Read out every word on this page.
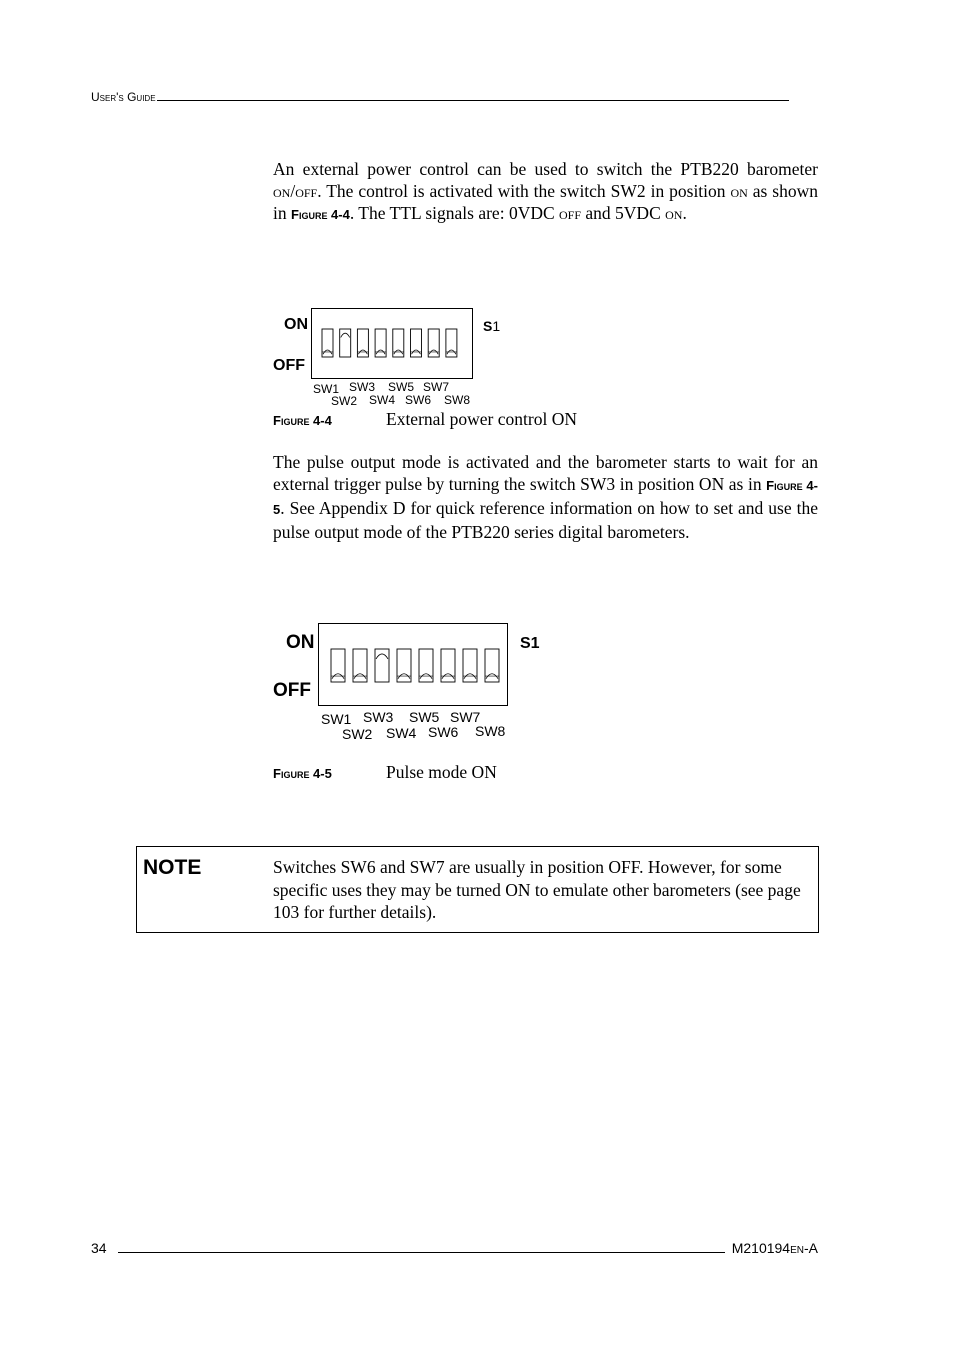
User's Guide

An external power control can be used to switch the PTB220 barometer on/off. The control is activated with the switch SW2 in position on as shown in Figure 4-4. The TTL signals are: 0VDC off and 5VDC on.

ON
OFF
S1
SW1
SW2
SW3
SW4
SW5
SW6
SW7
SW8
Figure 4-4	External power control ON

The pulse output mode is activated and the barometer starts to wait for an external trigger pulse by turning the switch SW3 in position ON as in Figure 4-5. See Appendix D for quick reference information on how to set and use the pulse output mode of the PTB220 series digital barometers.

ON
OFF
S1
SW1
SW2
SW3
SW4
SW5
SW6
SW7
SW8
Figure 4-5	Pulse mode ON
NOTE	Switches SW6 and SW7 are usually in position OFF. However, for some specific uses they may be turned ON to emulate other barometers (see page 103 for further details).
34	M210194en-A
